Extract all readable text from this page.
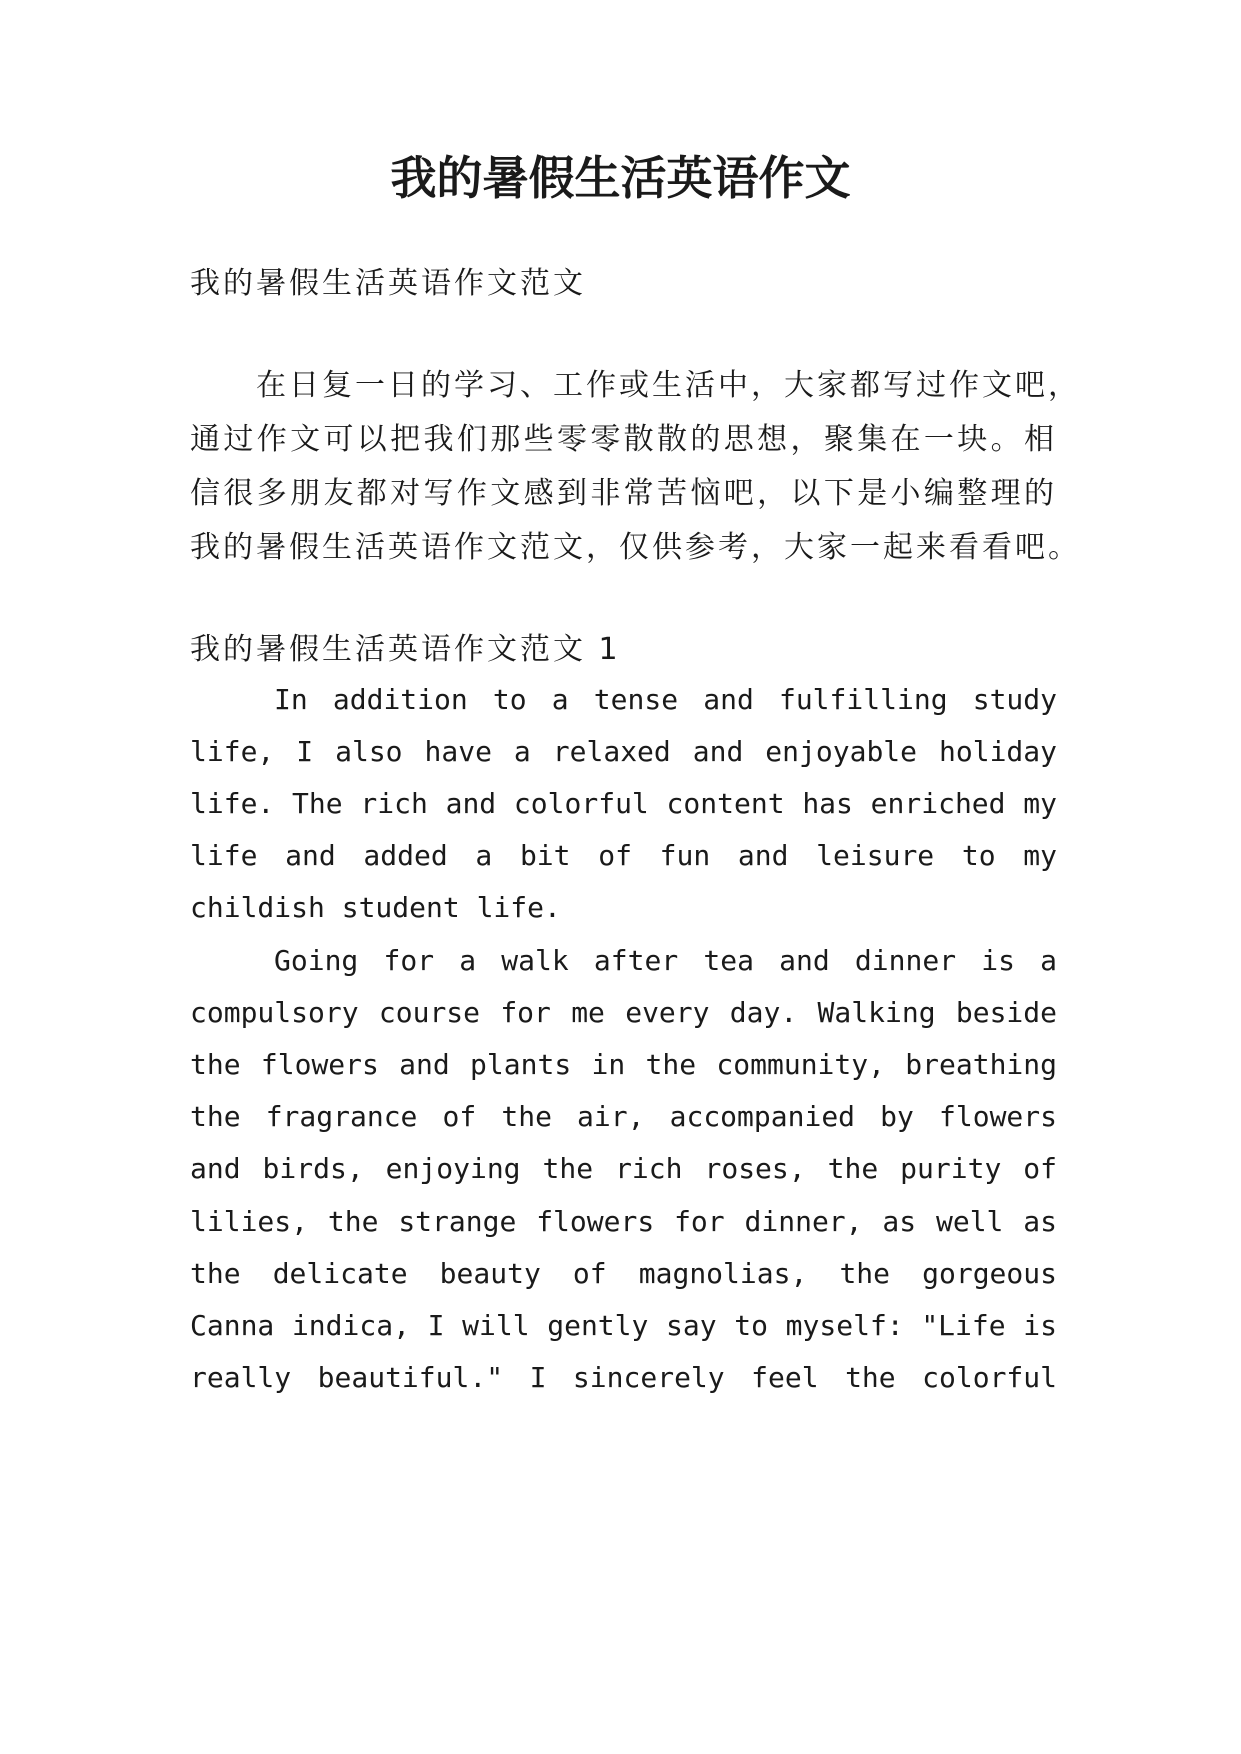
我的暑假生活英语作文

我的暑假生活英语作文范文

在日复一日的学习、工作或生活中，大家都写过作文吧，

通过作文可以把我们那些零零散散的思想，聚集在一块。相

信很多朋友都对写作文感到非常苦恼吧，以下是小编整理的

我的暑假生活英语作文范文，仅供参考，大家一起来看看吧。

我的暑假生活英语作文范文 1

In addition to a tense and fulfilling study

life, I also have a relaxed and enjoyable holiday

life. The rich and colorful content has enriched my

life and added a bit of fun and leisure to my

childish student life.

Going for a walk after tea and dinner is a

compulsory course for me every day. Walking beside

the flowers and plants in the community, breathing

the fragrance of the air, accompanied by flowers

and birds, enjoying the rich roses, the purity of

lilies, the strange flowers for dinner, as well as

the delicate beauty of magnolias, the gorgeous

Canna indica, I will gently say to myself: "Life is

really beautiful." I sincerely feel the colorful
